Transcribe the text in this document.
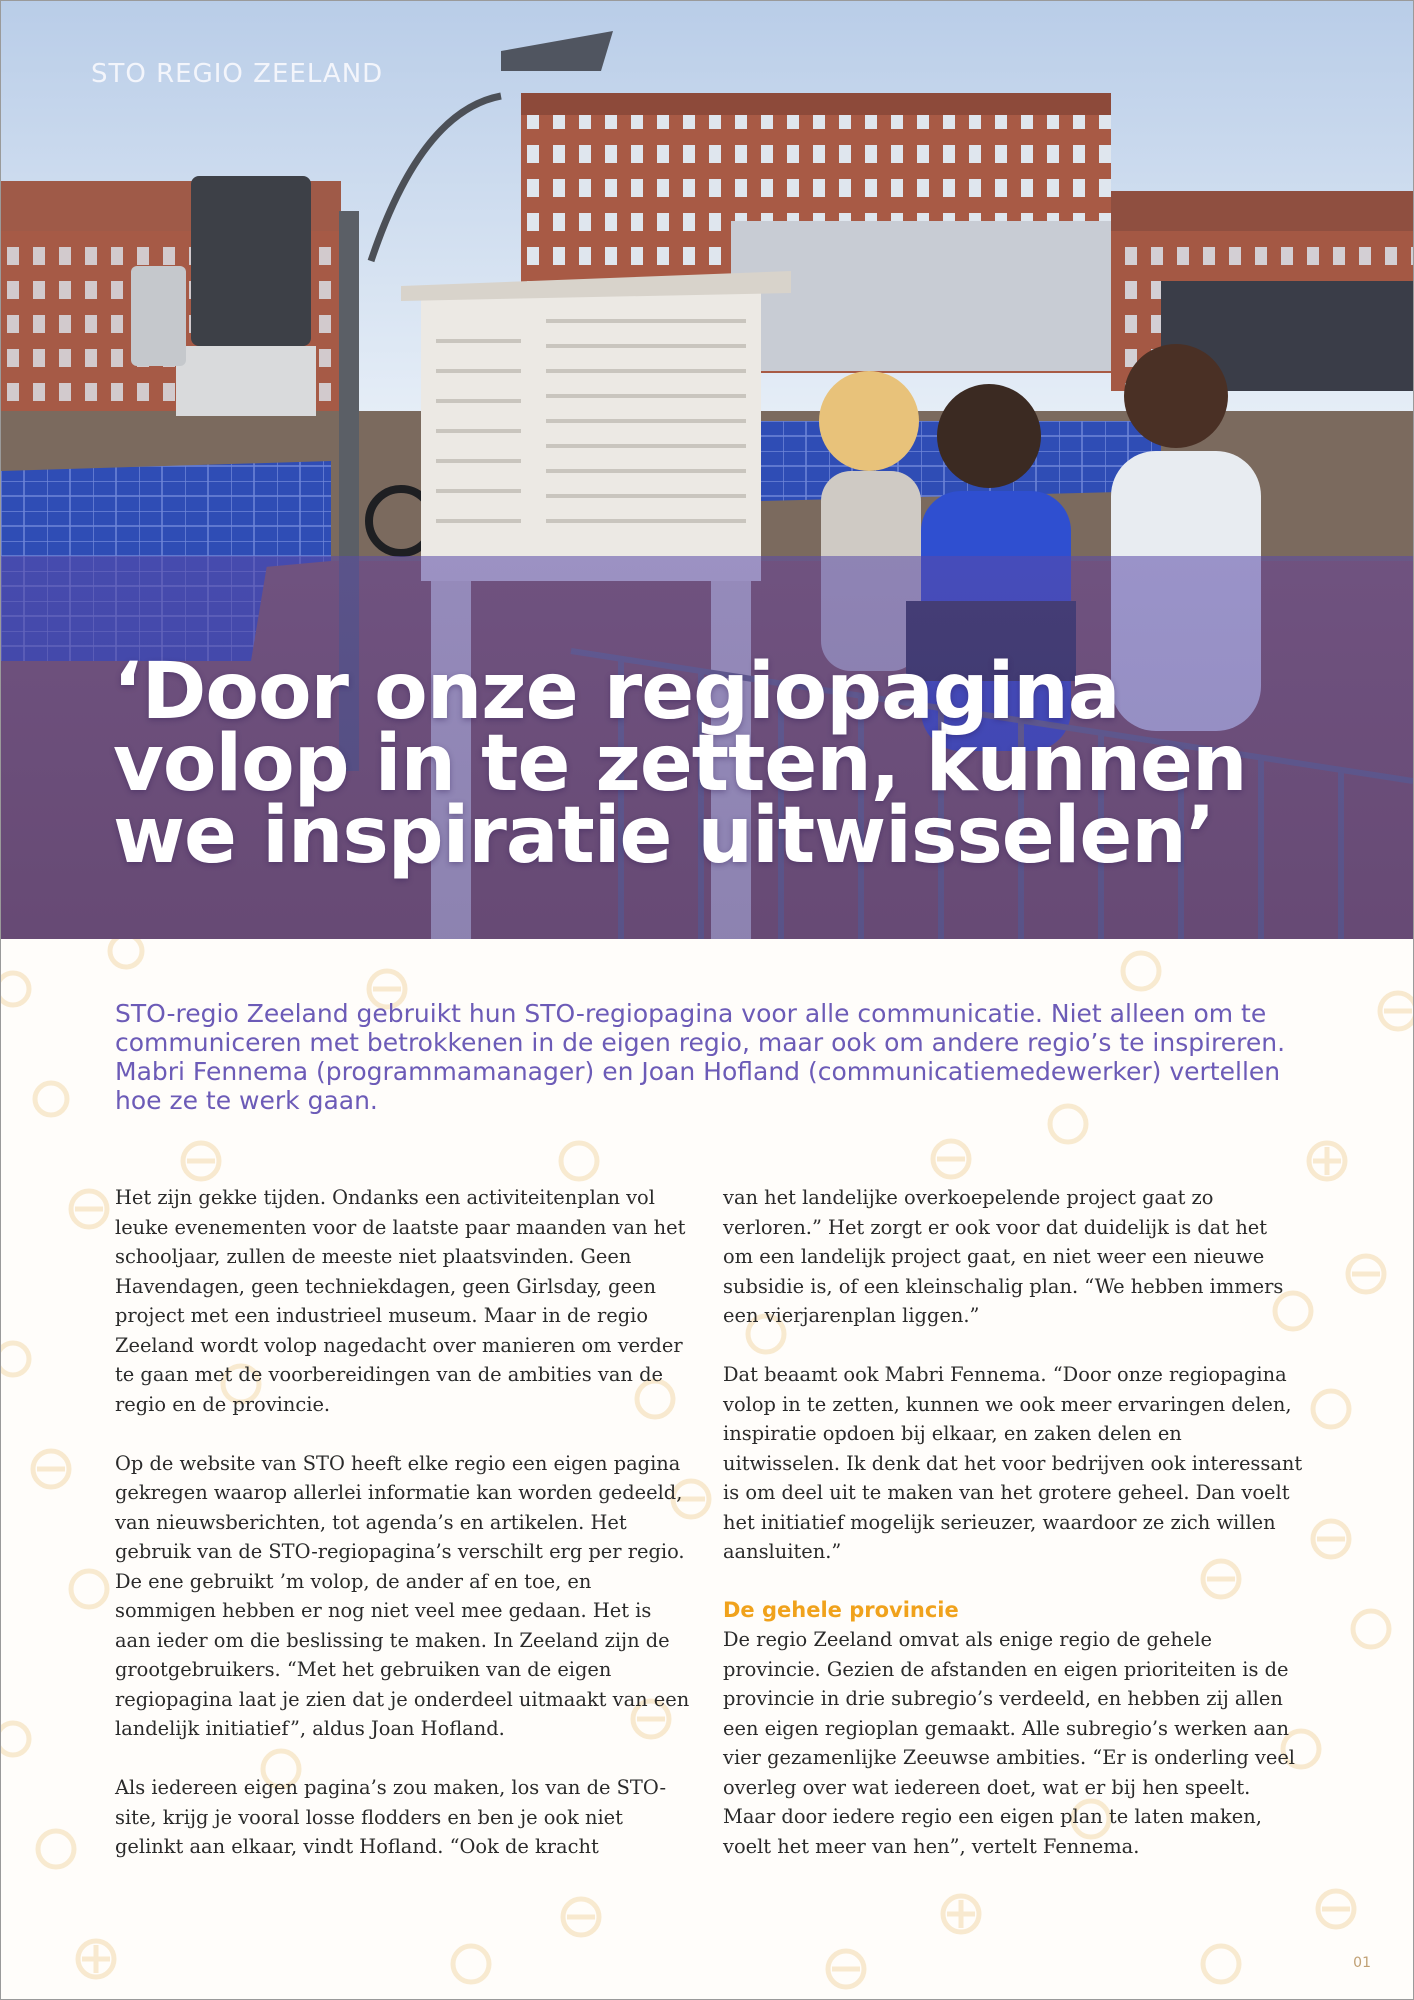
STO REGIO ZEELAND
‘Door onze regiopagina
volop in te zetten, kunnen
we inspiratie uitwisselen’

STO-regio Zeeland gebruikt hun STO-regiopagina voor alle communicatie. Niet alleen om te communiceren met betrokkenen in de eigen regio, maar ook om andere regio’s te inspireren. Mabri Fennema (programmamanager) en Joan Hofland (communicatiemedewerker) vertellen hoe ze te werk gaan.

Het zijn gekke tijden. Ondanks een activiteitenplan vol leuke evenementen voor de laatste paar maanden van het schooljaar, zullen de meeste niet plaatsvinden. Geen Havendagen, geen techniekdagen, geen Girlsday, geen project met een industrieel museum. Maar in de regio Zeeland wordt volop nagedacht over manieren om verder te gaan met de voorbereidingen van de ambities van de regio en de provincie.

Op de website van STO heeft elke regio een eigen pagina gekregen waarop allerlei informatie kan worden gedeeld, van nieuwsberichten, tot agenda’s en artikelen. Het gebruik van de STO-regiopagina’s verschilt erg per regio. De ene gebruikt ’m volop, de ander af en toe, en sommigen hebben er nog niet veel mee gedaan. Het is aan ieder om die beslissing te maken. In Zeeland zijn de grootgebruikers. “Met het gebruiken van de eigen regiopagina laat je zien dat je onderdeel uitmaakt van een landelijk initiatief”, aldus Joan Hofland.

Als iedereen eigen pagina’s zou maken, los van de STO-site, krijg je vooral losse flodders en ben je ook niet gelinkt aan elkaar, vindt Hofland. “Ook de kracht

van het landelijke overkoepelende project gaat zo verloren.” Het zorgt er ook voor dat duidelijk is dat het om een landelijk project gaat, en niet weer een nieuwe subsidie is, of een kleinschalig plan. “We hebben immers een vierjarenplan liggen.”

Dat beaamt ook Mabri Fennema. “Door onze regiopagina volop in te zetten, kunnen we ook meer ervaringen delen, inspiratie opdoen bij elkaar, en zaken delen en uitwisselen. Ik denk dat het voor bedrijven ook interessant is om deel uit te maken van het grotere geheel. Dan voelt het initiatief mogelijk serieuzer, waardoor ze zich willen aansluiten.”

De gehele provincie

De regio Zeeland omvat als enige regio de gehele provincie. Gezien de afstanden en eigen prioriteiten is de provincie in drie subregio’s verdeeld, en hebben zij allen een eigen regioplan gemaakt. Alle subregio’s werken aan vier gezamenlijke Zeeuwse ambities. “Er is onderling veel overleg over wat iedereen doet, wat er bij hen speelt. Maar door iedere regio een eigen plan te laten maken, voelt het meer van hen”, vertelt Fennema.

01
